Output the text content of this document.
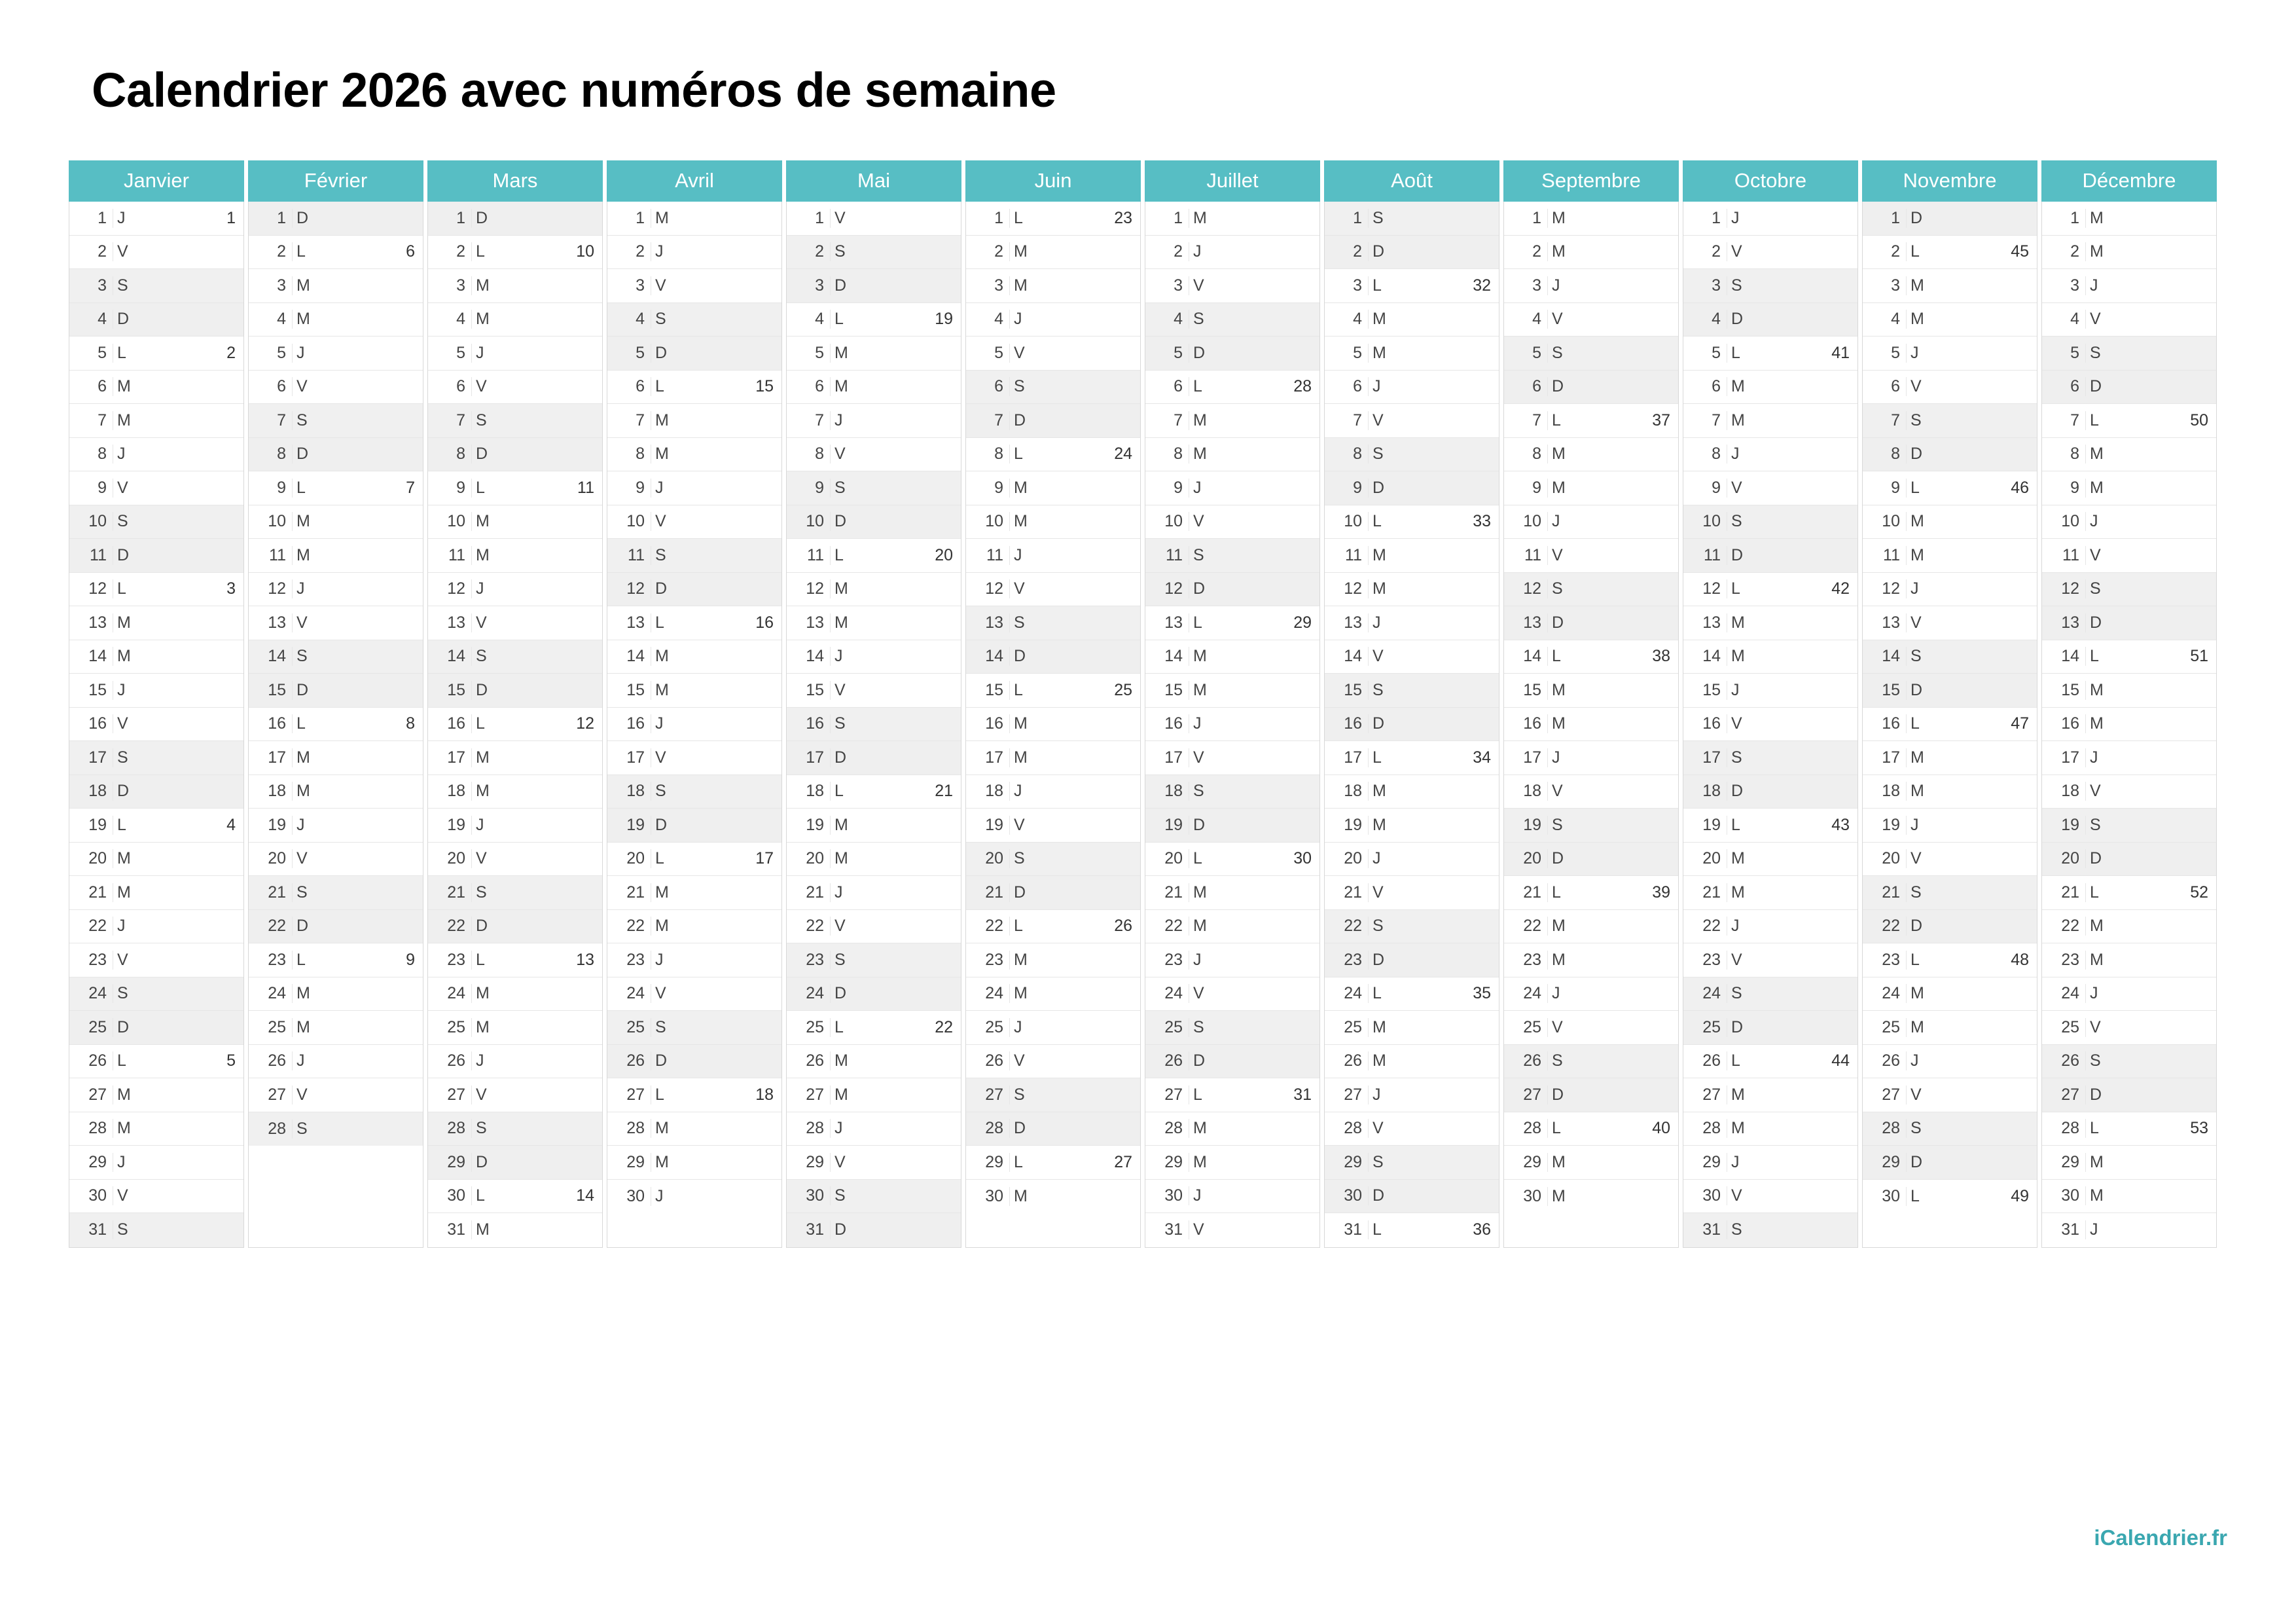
Calendrier 2026 avec numéros de semaine
Janvier
1 J	1
2 V
3 S
4 D
5 L	2
6 M
7 M
8 J
9 V
10 S
11 D
12 L	3
13 M
14 M
15 J
16 V
17 S
18 D
19 L	4
20 M
21 M
22 J
23 V
24 S
25 D
26 L	5
27 M
28 M
29 J
30 V
31 S
Février
1 D
2 L	6
3 M
4 M
5 J
6 V
7 S
8 D
9 L	7
10 M
11 M
12 J
13 V
14 S
15 D
16 L	8
17 M
18 M
19 J
20 V
21 S
22 D
23 L	9
24 M
25 M
26 J
27 V
28 S
Mars
1 D
2 L	10
3 M
4 M
5 J
6 V
7 S
8 D
9 L	11
10 M
11 M
12 J
13 V
14 S
15 D
16 L	12
17 M
18 M
19 J
20 V
21 S
22 D
23 L	13
24 M
25 M
26 J
27 V
28 S
29 D
30 L	14
31 M
Avril
1 M
2 J
3 V
4 S
5 D
6 L	15
7 M
8 M
9 J
10 V
11 S
12 D
13 L	16
14 M
15 M
16 J
17 V
18 S
19 D
20 L	17
21 M
22 M
23 J
24 V
25 S
26 D
27 L	18
28 M
29 M
30 J
Mai
1 V
2 S
3 D
4 L	19
5 M
6 M
7 J
8 V
9 S
10 D
11 L	20
12 M
13 M
14 J
15 V
16 S
17 D
18 L	21
19 M
20 M
21 J
22 V
23 S
24 D
25 L	22
26 M
27 M
28 J
29 V
30 S
31 D
Juin
1 L	23
2 M
3 M
4 J
5 V
6 S
7 D
8 L	24
9 M
10 M
11 J
12 V
13 S
14 D
15 L	25
16 M
17 M
18 J
19 V
20 S
21 D
22 L	26
23 M
24 M
25 J
26 V
27 S
28 D
29 L	27
30 M
Juillet
1 M
2 J
3 V
4 S
5 D
6 L	28
7 M
8 M
9 J
10 V
11 S
12 D
13 L	29
14 M
15 M
16 J
17 V
18 S
19 D
20 L	30
21 M
22 M
23 J
24 V
25 S
26 D
27 L	31
28 M
29 M
30 J
31 V
Août
1 S
2 D
3 L	32
4 M
5 M
6 J
7 V
8 S
9 D
10 L	33
11 M
12 M
13 J
14 V
15 S
16 D
17 L	34
18 M
19 M
20 J
21 V
22 S
23 D
24 L	35
25 M
26 M
27 J
28 V
29 S
30 D
31 L	36
Septembre
1 M
2 M
3 J
4 V
5 S
6 D
7 L	37
8 M
9 M
10 J
11 V
12 S
13 D
14 L	38
15 M
16 M
17 J
18 V
19 S
20 D
21 L	39
22 M
23 M
24 J
25 V
26 S
27 D
28 L	40
29 M
30 M
Octobre
1 J
2 V
3 S
4 D
5 L	41
6 M
7 M
8 J
9 V
10 S
11 D
12 L	42
13 M
14 M
15 J
16 V
17 S
18 D
19 L	43
20 M
21 M
22 J
23 V
24 S
25 D
26 L	44
27 M
28 M
29 J
30 V
31 S
Novembre
1 D
2 L	45
3 M
4 M
5 J
6 V
7 S
8 D
9 L	46
10 M
11 M
12 J
13 V
14 S
15 D
16 L	47
17 M
18 M
19 J
20 V
21 S
22 D
23 L	48
24 M
25 M
26 J
27 V
28 S
29 D
30 L	49
Décembre
1 M
2 M
3 J
4 V
5 S
6 D
7 L	50
8 M
9 M
10 J
11 V
12 S
13 D
14 L	51
15 M
16 M
17 J
18 V
19 S
20 D
21 L	52
22 M
23 M
24 J
25 V
26 S
27 D
28 L	53
29 M
30 M
31 J
iCalendrier.fr
